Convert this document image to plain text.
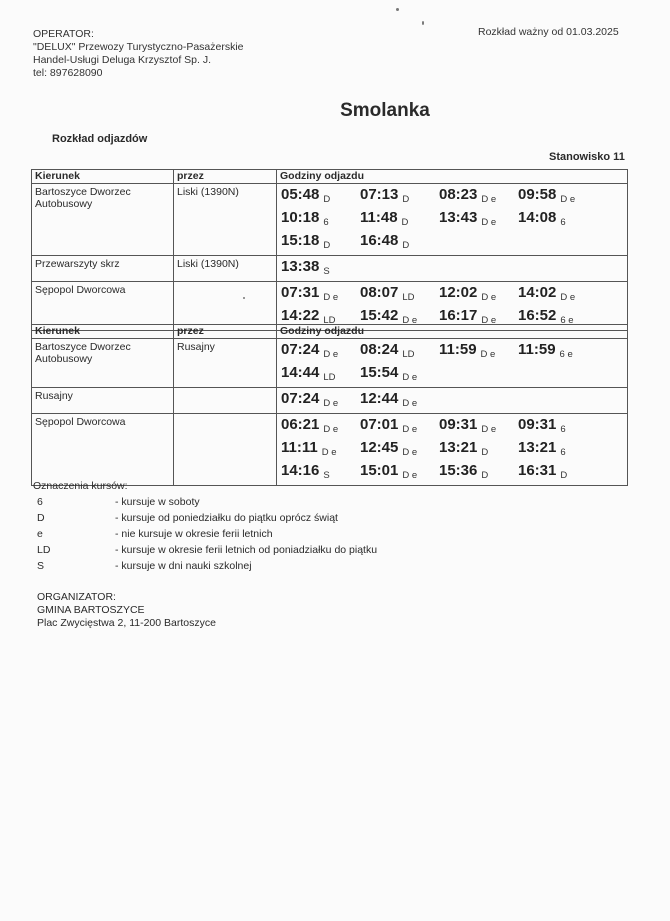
OPERATOR:
"DELUX" Przewozy Turystyczno-Pasażerskie
Handel-Usługi Deluga Krzysztof Sp. J.
tel: 897628090
Rozkład ważny od 01.03.2025
Smolanka
Rozkład odjazdów
Stanowisko 11
Kierunek	przez	Godziny odjazdu
Bartoszyce Dworzec Autobusowy	Liski (1390N)	05:48 D 07:13 D 08:23 D e 09:58 D e
10:18 6 11:48 D 13:43 D e 14:08 6
15:18 D 16:48 D

Przewarszyty skrz	Liski (1390N)	13:38 S

Sępopol Dworcowa		07:31 D e 08:07 LD 12:02 D e 14:02 D e
14:22 LD 15:42 D e 16:17 D e 16:52 6 e
Kierunek	przez	Godziny odjazdu
Bartoszyce Dworzec Autobusowy	Rusajny	07:24 D e 08:24 LD 11:59 D e 11:59 6 e
14:44 LD 15:54 D e

Rusajny		07:24 D e 12:44 D e

Sępopol Dworcowa		06:21 D e 07:01 D e 09:31 D e 09:31 6
11:11 D e 12:45 D e 13:21 D 13:21 6
14:16 S 15:01 D e 15:36 D 16:31 D
Oznaczenia kursów:
6	- kursuje w soboty
D	- kursuje od poniedziałku do piątku oprócz świąt
e	- nie kursuje w okresie ferii letnich
LD	- kursuje w okresie ferii letnich od poniadziałku do piątku
S	- kursuje w dni nauki szkolnej
ORGANIZATOR:
GMINA BARTOSZYCE
Plac Zwycięstwa 2, 11-200 Bartoszyce
